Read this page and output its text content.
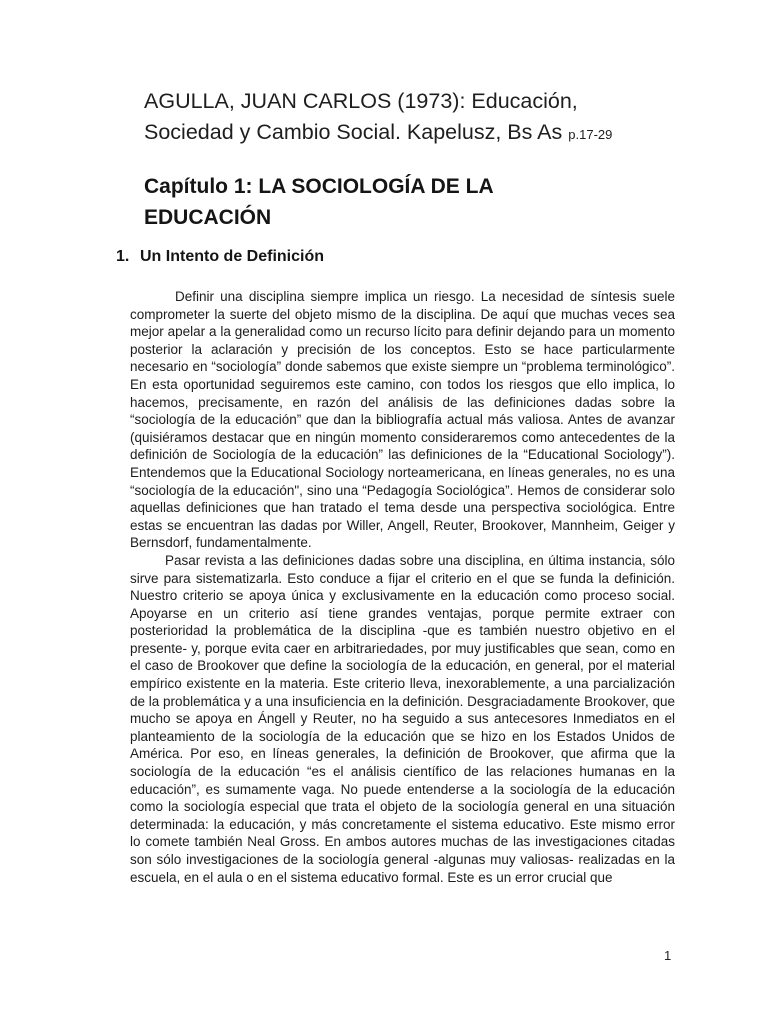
AGULLA, JUAN CARLOS (1973): Educación,
Sociedad y Cambio Social. Kapelusz, Bs As p.17-29
Capítulo 1: LA SOCIOLOGÍA DE LA
EDUCACIÓN
1. Un Intento de Definición

Definir una disciplina siempre implica un riesgo. La necesidad de síntesis suele comprometer la suerte del objeto mismo de la disciplina. De aquí que muchas veces sea mejor apelar a la generalidad como un recurso lícito para definir dejando para un momento posterior la aclaración y precisión de los conceptos. Esto se hace particularmente necesario en “sociología” donde sabemos que existe siempre un “problema terminológico”. En esta oportunidad seguiremos este camino, con todos los riesgos que ello implica, lo hacemos, precisamente, en razón del análisis de las definiciones dadas sobre la “sociología de la educación” que dan la bibliografía actual más valiosa. Antes de avanzar (quisiéramos destacar que en ningún momento consideraremos como antecedentes de la definición de Sociología de la educación” las definiciones de la “Educational Sociology”). Entendemos que la Educational Sociology norteamericana, en líneas generales, no es una “sociología de la educación", sino una “Pedagogía Sociológica”. Hemos de considerar solo aquellas definiciones que han tratado el tema desde una perspectiva sociológica. Entre estas se encuentran las dadas por Willer, Angell, Reuter, Brookover, Mannheim, Geiger y Bernsdorf, fundamentalmente.

Pasar revista a las definiciones dadas sobre una disciplina, en última instancia, sólo sirve para sistematizarla. Esto conduce a fijar el criterio en el que se funda la definición. Nuestro criterio se apoya única y exclusivamente en la educación como proceso social. Apoyarse en un criterio así tiene grandes ventajas, porque permite extraer con posterioridad la problemática de la disciplina -que es también nuestro objetivo en el presente- y, porque evita caer en arbitrariedades, por muy justificables que sean, como en el caso de Brookover que define la sociología de la educación, en general, por el material empírico existente en la materia. Este criterio lleva, inexorablemente, a una parcialización de la problemática y a una insuficiencia en la definición. Desgraciadamente Brookover, que mucho se apoya en Ángell y Reuter, no ha seguido a sus antecesores Inmediatos en el planteamiento de la sociología de la educación que se hizo en los Estados Unidos de América. Por eso, en líneas generales, la definición de Brookover, que afirma que la sociología de la educación “es el análisis científico de las relaciones humanas en la educación”, es sumamente vaga. No puede entenderse a la sociología de la educación como la sociología especial que trata el objeto de la sociología general en una situación determinada: la educación, y más concretamente el sistema educativo. Este mismo error lo comete también Neal Gross. En ambos autores muchas de las investigaciones citadas son sólo investigaciones de la sociología general -algunas muy valiosas- realizadas en la escuela, en el aula o en el sistema educativo formal. Este es un error crucial que

1
